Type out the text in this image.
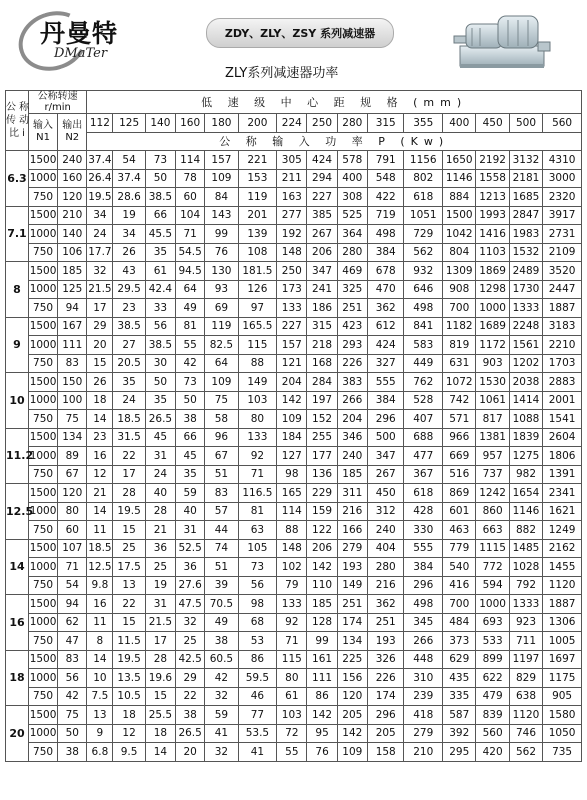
丹曼特
DMaTer
ZDY、ZLY、ZSY 系列减速器
ZLY系列减速器功率
公 称
传 动
比 i	公称转速
r/min		低 速 级 中 心 距 规 格 (mm)														
	输入
N1	输出
N2	112	125	140	160	180	200	224	250	280	315	355	400	450	500	560
			公 称 输 入 功 率 P (Kw)														
6.3	1500	240	37.4	54	73	114	157	221	305	424	578	791	1156	1650	2192	3132	4310
	1000	160	26.4	37.4	50	78	109	153	211	294	400	548	802	1146	1558	2181	3000
	750	120	19.5	28.6	38.5	60	84	119	163	227	308	422	618	884	1213	1685	2320
7.1	1500	210	34	19	66	104	143	201	277	385	525	719	1051	1500	1993	2847	3917
	1000	140	24	34	45.5	71	99	139	192	267	364	498	729	1042	1416	1983	2731
	750	106	17.7	26	35	54.5	76	108	148	206	280	384	562	804	1103	1532	2109
8	1500	185	32	43	61	94.5	130	181.5	250	347	469	678	932	1309	1869	2489	3520
	1000	125	21.5	29.5	42.4	64	93	126	173	241	325	470	646	908	1298	1730	2447
	750	94	17	23	33	49	69	97	133	186	251	362	498	700	1000	1333	1887
9	1500	167	29	38.5	56	81	119	165.5	227	315	423	612	841	1182	1689	2248	3183
	1000	111	20	27	38.5	55	82.5	115	157	218	293	424	583	819	1172	1561	2210
	750	83	15	20.5	30	42	64	88	121	168	226	327	449	631	903	1202	1703
10	1500	150	26	35	50	73	109	149	204	284	383	555	762	1072	1530	2038	2883
	1000	100	18	24	35	50	75	103	142	197	266	384	528	742	1061	1414	2001
	750	75	14	18.5	26.5	38	58	80	109	152	204	296	407	571	817	1088	1541
11.2	1500	134	23	31.5	45	66	96	133	184	255	346	500	688	966	1381	1839	2604
	1000	89	16	22	31	45	67	92	127	177	240	347	477	669	957	1275	1806
	750	67	12	17	24	35	51	71	98	136	185	267	367	516	737	982	1391
12.5	1500	120	21	28	40	59	83	116.5	165	229	311	450	618	869	1242	1654	2341
	1000	80	14	19.5	28	40	57	81	114	159	216	312	428	601	860	1146	1621
	750	60	11	15	21	31	44	63	88	122	166	240	330	463	663	882	1249
14	1500	107	18.5	25	36	52.5	74	105	148	206	279	404	555	779	1115	1485	2162
	1000	71	12.5	17.5	25	36	51	73	102	142	193	280	384	540	772	1028	1455
	750	54	9.8	13	19	27.6	39	56	79	110	149	216	296	416	594	792	1120
16	1500	94	16	22	31	47.5	70.5	98	133	185	251	362	498	700	1000	1333	1887
	1000	62	11	15	21.5	32	49	68	92	128	174	251	345	484	693	923	1306
	750	47	8	11.5	17	25	38	53	71	99	134	193	266	373	533	711	1005
18	1500	83	14	19.5	28	42.5	60.5	86	115	161	225	326	448	629	899	1197	1697
	1000	56	10	13.5	19.6	29	42	59.5	80	111	156	226	310	435	622	829	1175
	750	42	7.5	10.5	15	22	32	46	61	86	120	174	239	335	479	638	905
20	1500	75	13	18	25.5	38	59	77	103	142	205	296	418	587	839	1120	1580
	1000	50	9	12	18	26.5	41	53.5	72	95	142	205	279	392	560	746	1050
	750	38	6.8	9.5	14	20	32	41	55	76	109	158	210	295	420	562	735
